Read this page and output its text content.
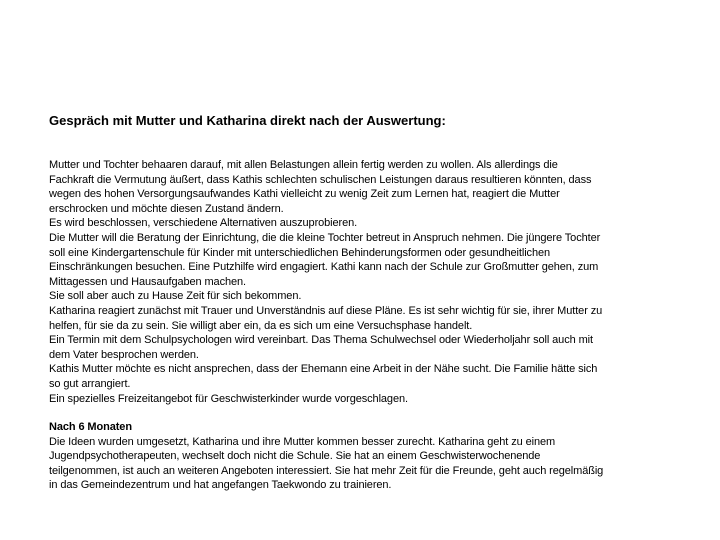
Gespräch mit Mutter und Katharina direkt nach der Auswertung:
Mutter und Tochter behaaren darauf, mit allen Belastungen allein fertig werden zu wollen. Als allerdings die
Fachkraft die Vermutung äußert, dass Kathis schlechten schulischen Leistungen daraus resultieren könnten, dass
wegen des hohen Versorgungsaufwandes Kathi vielleicht zu wenig Zeit zum Lernen hat, reagiert die Mutter
erschrocken und möchte diesen Zustand ändern.
Es wird beschlossen, verschiedene Alternativen auszuprobieren.
Die Mutter will die Beratung der Einrichtung, die die kleine Tochter betreut in Anspruch nehmen. Die jüngere Tochter
soll eine Kindergartenschule für Kinder mit unterschiedlichen Behinderungsformen oder gesundheitlichen
Einschränkungen besuchen. Eine Putzhilfe wird engagiert. Kathi kann nach der Schule zur Großmutter gehen, zum
Mittagessen und Hausaufgaben machen.
Sie soll aber auch zu Hause Zeit für sich bekommen.
Katharina reagiert zunächst mit Trauer und Unverständnis auf diese Pläne. Es ist sehr wichtig für sie, ihrer Mutter zu
helfen, für sie da zu sein. Sie willigt aber ein, da es sich um eine Versuchsphase handelt.
Ein Termin mit dem Schulpsychologen wird vereinbart. Das Thema Schulwechsel oder Wiederholjahr soll auch mit
dem Vater besprochen werden.
Kathis Mutter möchte es nicht ansprechen, dass der Ehemann eine Arbeit in der Nähe sucht. Die Familie hätte sich
so gut arrangiert.
Ein spezielles Freizeitangebot für Geschwisterkinder wurde vorgeschlagen.
Nach 6 Monaten
Die Ideen wurden umgesetzt, Katharina und ihre Mutter kommen besser zurecht. Katharina geht zu einem
Jugendpsychotherapeuten, wechselt doch nicht die Schule. Sie hat an einem Geschwisterwochenende
teilgenommen, ist auch an weiteren Angeboten interessiert. Sie hat mehr Zeit für die Freunde, geht auch regelmäßig
in das Gemeindezentrum und hat angefangen Taekwondo zu trainieren.
